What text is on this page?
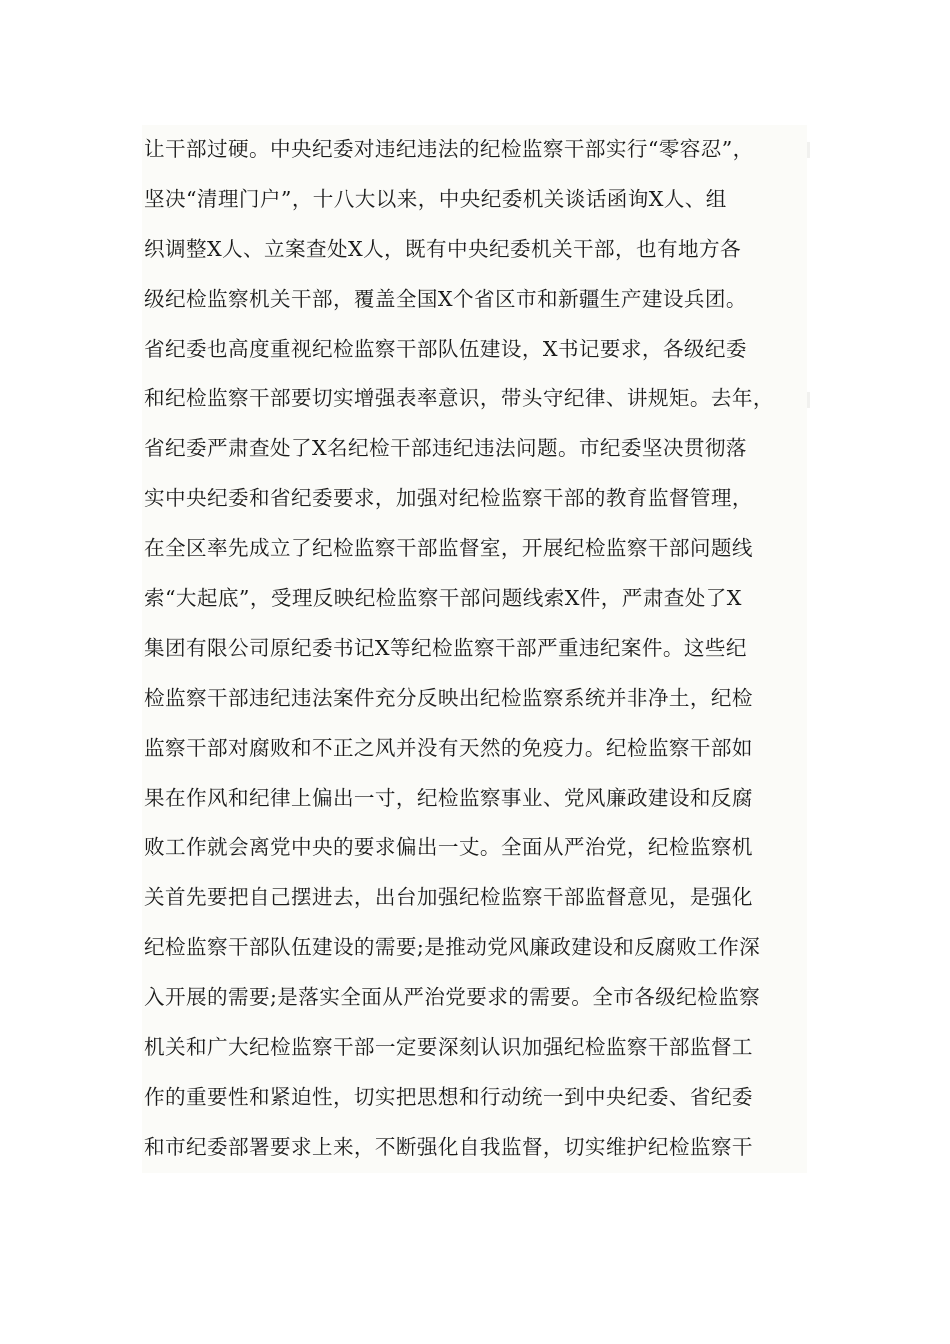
让干部过硬。中央纪委对违纪违法的纪检监察干部实行“零容忍”，
坚决“清理门户”，十八大以来，中央纪委机关谈话函询X人、组
织调整X人、立案查处X人，既有中央纪委机关干部，也有地方各
级纪检监察机关干部，覆盖全国X个省区市和新疆生产建设兵团。
省纪委也高度重视纪检监察干部队伍建设，X书记要求，各级纪委
和纪检监察干部要切实增强表率意识，带头守纪律、讲规矩。去年，
省纪委严肃查处了X名纪检干部违纪违法问题。市纪委坚决贯彻落
实中央纪委和省纪委要求，加强对纪检监察干部的教育监督管理，
在全区率先成立了纪检监察干部监督室，开展纪检监察干部问题线
索“大起底”，受理反映纪检监察干部问题线索X件，严肃查处了X
集团有限公司原纪委书记X等纪检监察干部严重违纪案件。这些纪
检监察干部违纪违法案件充分反映出纪检监察系统并非净土，纪检
监察干部对腐败和不正之风并没有天然的免疫力。纪检监察干部如
果在作风和纪律上偏出一寸，纪检监察事业、党风廉政建设和反腐
败工作就会离党中央的要求偏出一丈。全面从严治党，纪检监察机
关首先要把自己摆进去，出台加强纪检监察干部监督意见，是强化
纪检监察干部队伍建设的需要;是推动党风廉政建设和反腐败工作深
入开展的需要;是落实全面从严治党要求的需要。全市各级纪检监察
机关和广大纪检监察干部一定要深刻认识加强纪检监察干部监督工
作的重要性和紧迫性，切实把思想和行动统一到中央纪委、省纪委
和市纪委部署要求上来，不断强化自我监督，切实维护纪检监察干
